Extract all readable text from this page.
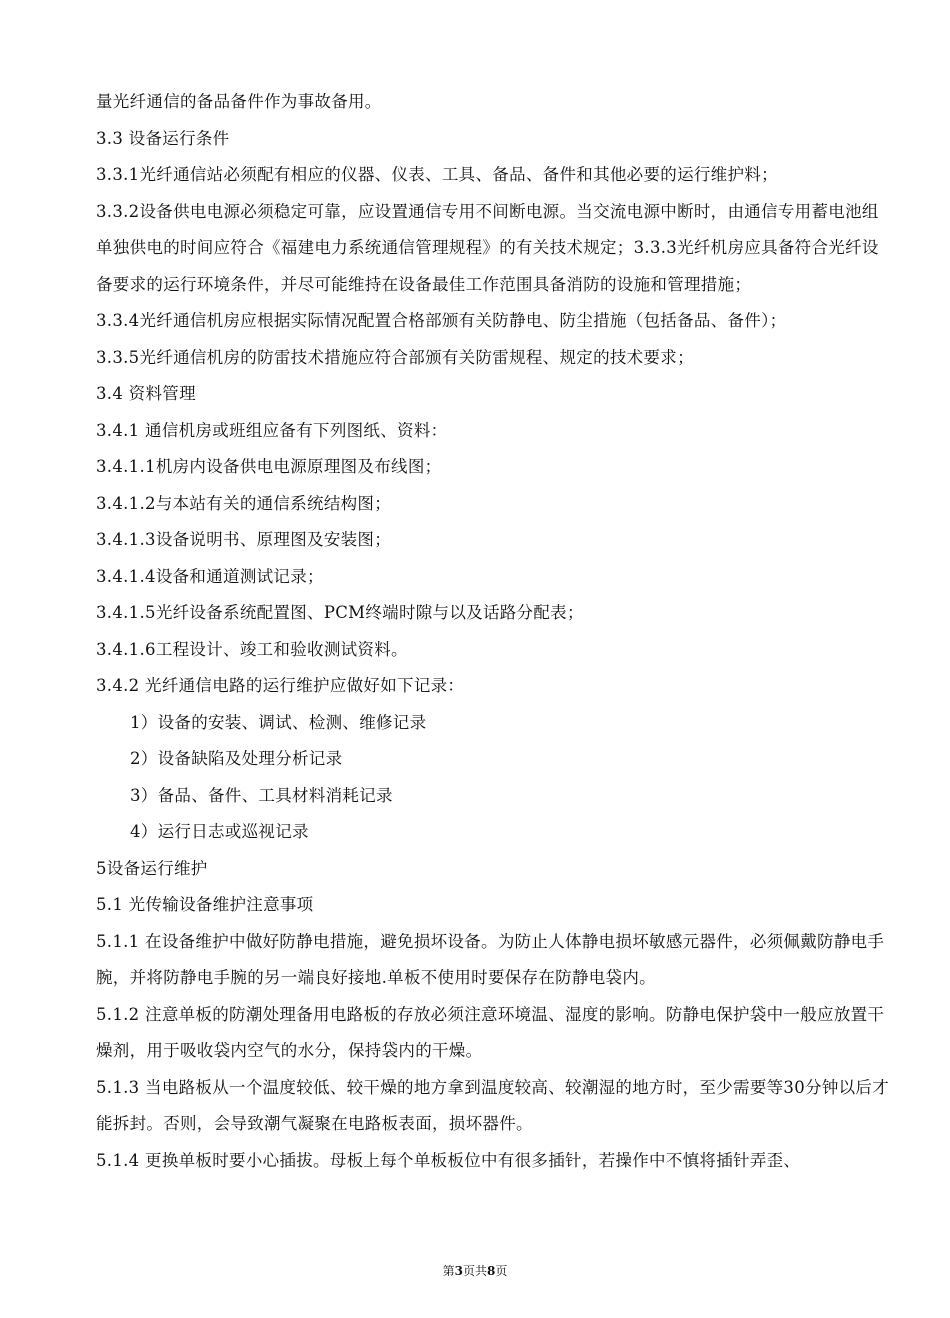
量光纤通信的备品备件作为事故备用。

3.3 设备运行条件

3.3.1光纤通信站必须配有相应的仪器、仪表、工具、备品、备件和其他必要的运行维护料；

3.3.2设备供电电源必须稳定可靠，应设置通信专用不间断电源。当交流电源中断时，由通信专用蓄电池组单独供电的时间应符合《福建电力系统通信管理规程》的有关技术规定；3.3.3光纤机房应具备符合光纤设备要求的运行环境条件，并尽可能维持在设备最佳工作范围具备消防的设施和管理措施；

3.3.4光纤通信机房应根据实际情况配置合格部颁有关防静电、防尘措施（包括备品、备件）；

3.3.5光纤通信机房的防雷技术措施应符合部颁有关防雷规程、规定的技术要求；

3.4 资料管理

3.4.1 通信机房或班组应备有下列图纸、资料：

3.4.1.1机房内设备供电电源原理图及布线图；

3.4.1.2与本站有关的通信系统结构图；

3.4.1.3设备说明书、原理图及安装图；

3.4.1.4设备和通道测试记录；

3.4.1.5光纤设备系统配置图、PCM终端时隙与以及话路分配表；

3.4.1.6工程设计、竣工和验收测试资料。

3.4.2 光纤通信电路的运行维护应做好如下记录：

1）设备的安装、调试、检测、维修记录

2）设备缺陷及处理分析记录

3）备品、备件、工具材料消耗记录

4）运行日志或巡视记录

5设备运行维护

5.1 光传输设备维护注意事项

5.1.1 在设备维护中做好防静电措施，避免损坏设备。为防止人体静电损坏敏感元器件，必须佩戴防静电手腕，并将防静电手腕的另一端良好接地.单板不使用时要保存在防静电袋内。

5.1.2 注意单板的防潮处理备用电路板的存放必须注意环境温、湿度的影响。防静电保护袋中一般应放置干燥剂，用于吸收袋内空气的水分，保持袋内的干燥。

5.1.3 当电路板从一个温度较低、较干燥的地方拿到温度较高、较潮湿的地方时，至少需要等30分钟以后才能拆封。否则，会导致潮气凝聚在电路板表面，损坏器件。

5.1.4 更换单板时要小心插拔。母板上每个单板板位中有很多插针，若操作中不慎将插针弄歪、

第3页共8页
